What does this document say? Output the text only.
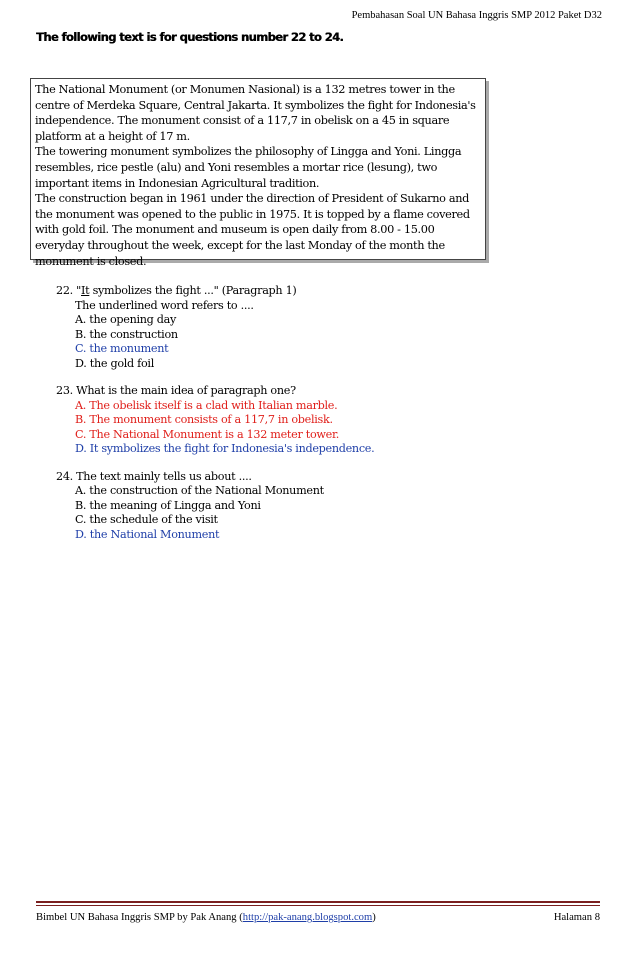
Pembahasan Soal UN Bahasa Inggris SMP 2012 Paket D32
The following text is for questions number 22 to 24.

The National Monument (or Monumen Nasional) is a 132 metres tower in the

centre of Merdeka Square, Central Jakarta. It symbolizes the fight for Indonesia's

independence. The monument consist of a 117,7 in obelisk on a 45 in square

platform at a height of 17 m.

The towering monument symbolizes the philosophy of Lingga and Yoni. Lingga

resembles, rice pestle (alu) and Yoni resembles a mortar rice (lesung), two

important items in Indonesian Agricultural tradition.

The construction began in 1961 under the direction of President of Sukarno and

the monument was opened to the public in 1975. It is topped by a flame covered

with gold foil. The monument and museum is open daily from 8.00 - 15.00

everyday throughout the week, except for the last Monday of the month the

monument is closed.

22. "It symbolizes the fight ..." (Paragraph 1)
The underlined word refers to ....
A. the opening day
B. the construction
C. the monument
D. the gold foil
23. What is the main idea of paragraph one?
A. The obelisk itself is a clad with Italian marble.
B. The monument consists of a 117,7 in obelisk.
C. The National Monument is a 132 meter tower.
D. It symbolizes the fight for Indonesia's independence.
24. The text mainly tells us about ....
A. the construction of the National Monument
B. the meaning of Lingga and Yoni
C. the schedule of the visit
D. the National Monument
Bimbel UN Bahasa Inggris SMP by Pak Anang (http://pak-anang.blogspot.com)	Halaman 8
